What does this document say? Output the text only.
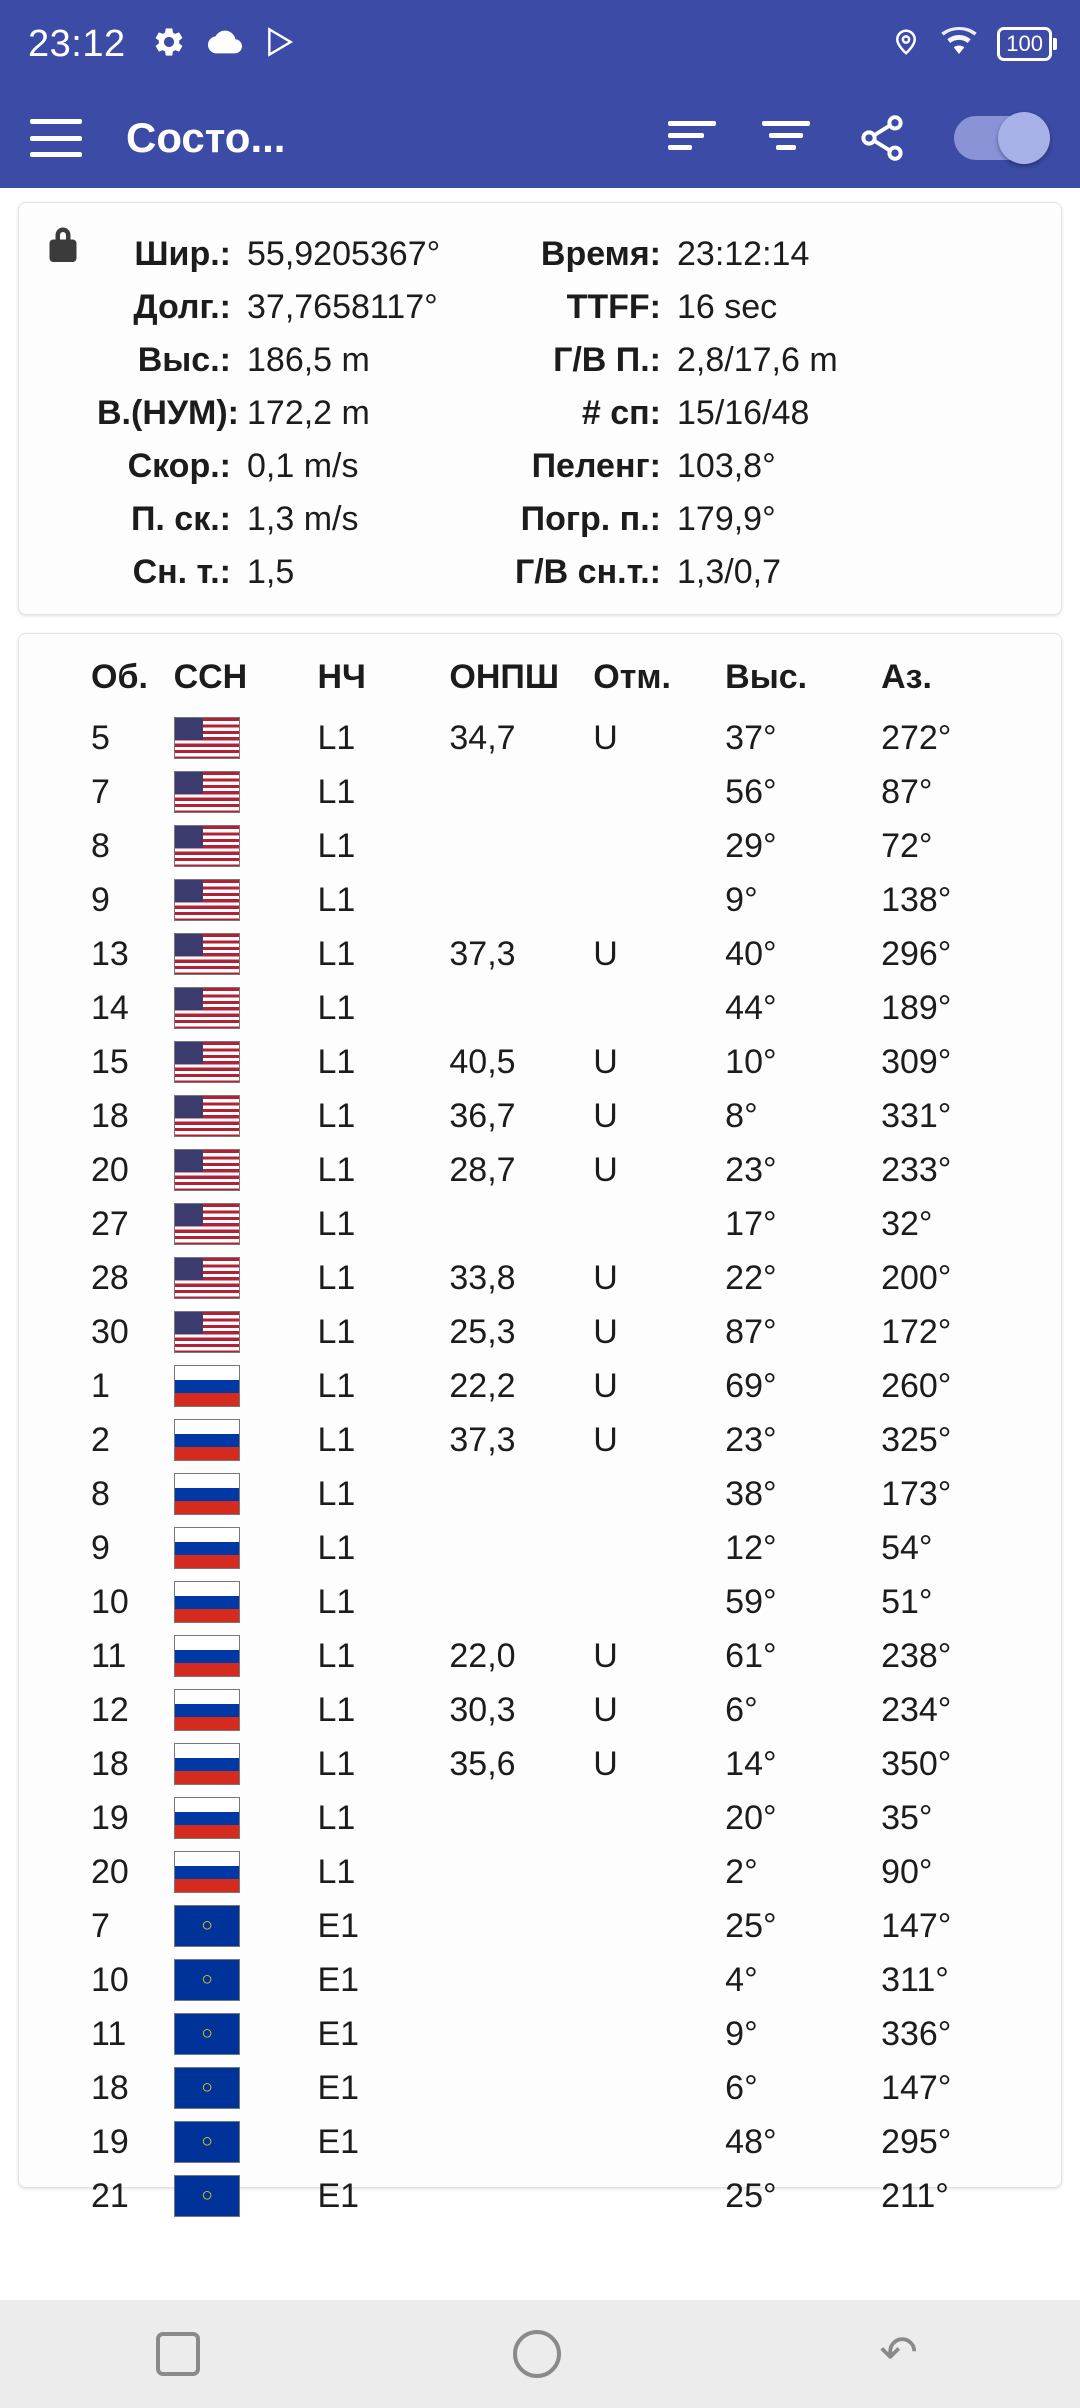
23:12	100
Состо...
Шир.: 55,9205367°	Время: 23:12:14
Долг.: 37,7658117°	TTFF: 16 sec
Выс.: 186,5 m	Г/В П.: 2,8/17,6 m
В.(НУМ): 172,2 m	# сп: 15/16/48
Скор.: 0,1 m/s	Пеленг: 103,8°
П. ск.: 1,3 m/s	Погр. п.: 179,9°
Сн. т.: 1,5	Г/В сн.т.: 1,3/0,7
Об.	ССН	НЧ	ОНПШ	Отм.	Выс.	Аз.
5		L1	34,7	U	37°	272°
7		L1			56°	87°
8		L1			29°	72°
9		L1			9°	138°
13		L1	37,3	U	40°	296°
14		L1			44°	189°
15		L1	40,5	U	10°	309°
18		L1	36,7	U	8°	331°
20		L1	28,7	U	23°	233°
27		L1			17°	32°
28		L1	33,8	U	22°	200°
30		L1	25,3	U	87°	172°
1		L1	22,2	U	69°	260°
2		L1	37,3	U	23°	325°
8		L1			38°	173°
9		L1			12°	54°
10		L1			59°	51°
11		L1	22,0	U	61°	238°
12		L1	30,3	U	6°	234°
18		L1	35,6	U	14°	350°
19		L1			20°	35°
20		L1			2°	90°
7	○	E1			25°	147°
10	○	E1			4°	311°
11	○	E1			9°	336°
18	○	E1			6°	147°
19	○	E1			48°	295°
21	○	E1			25°	211°
↶
